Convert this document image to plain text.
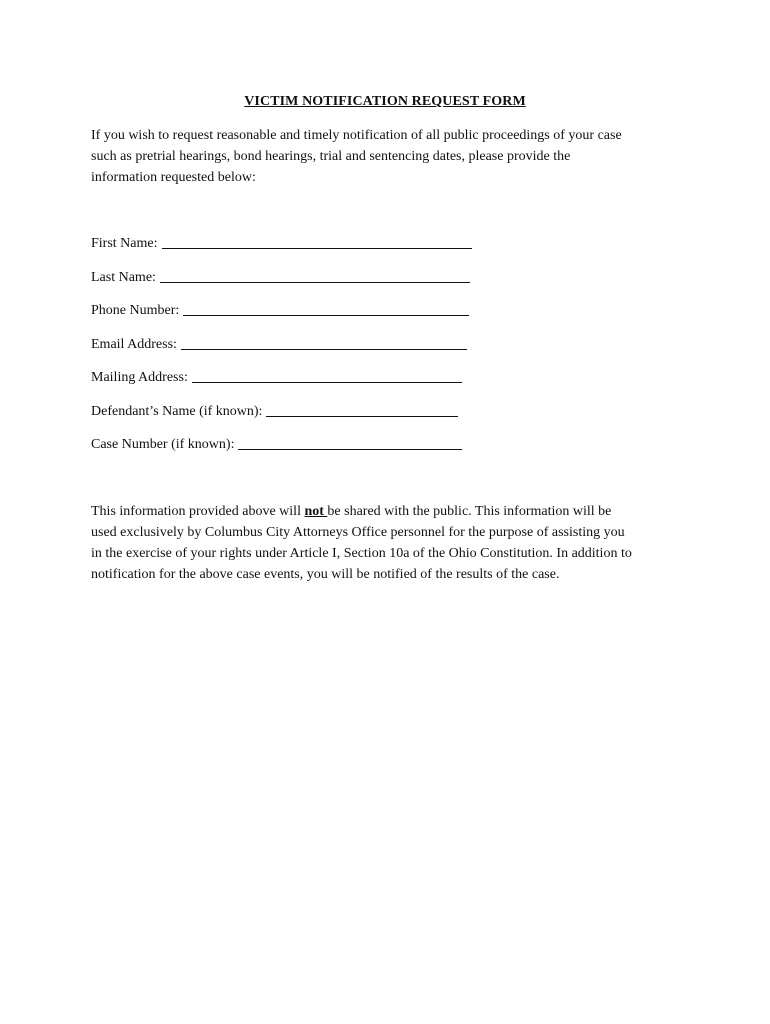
VICTIM NOTIFICATION REQUEST FORM
If you wish to request reasonable and timely notification of all public proceedings of your case
such as pretrial hearings, bond hearings, trial and sentencing dates, please provide the
information requested below:
First Name:
Last Name:
Phone Number:
Email Address:
Mailing Address:
Defendant’s Name (if known):
Case Number (if known):
This information provided above will not be shared with the public. This information will be
used exclusively by Columbus City Attorneys Office personnel for the purpose of assisting you
in the exercise of your rights under Article I, Section 10a of the Ohio Constitution. In addition to
notification for the above case events, you will be notified of the results of the case.
